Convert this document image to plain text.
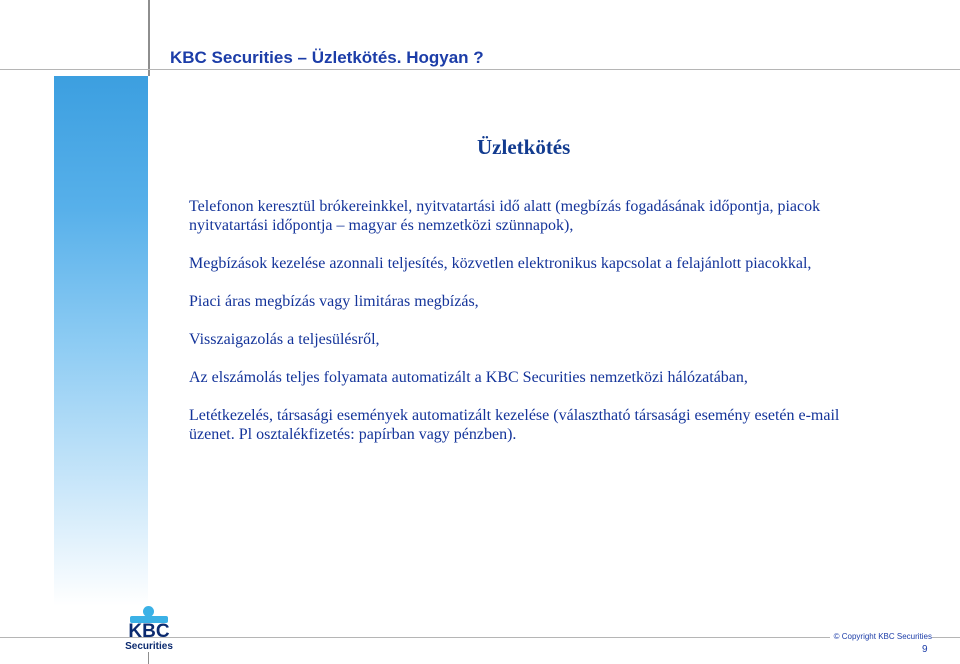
KBC Securities – Üzletkötés. Hogyan ?
Üzletkötés

Telefonon keresztül brókereinkkel, nyitvatartási idő alatt (megbízás fogadásának időpontja, piacok nyitvatartási időpontja – magyar és nemzetközi szünnapok),

Megbízások kezelése azonnali teljesítés, közvetlen elektronikus kapcsolat a felajánlott piacokkal,

Piaci áras megbízás vagy limitáras megbízás,

Visszaigazolás a teljesülésről,

Az elszámolás teljes folyamata automatizált a KBC Securities nemzetközi hálózatában,

Letétkezelés, társasági események automatizált kezelése (választható társasági esemény esetén e-mail üzenet. Pl osztalékfizetés: papírban vagy pénzben).

KBC
Securities
© Copyright KBC Securities
9
